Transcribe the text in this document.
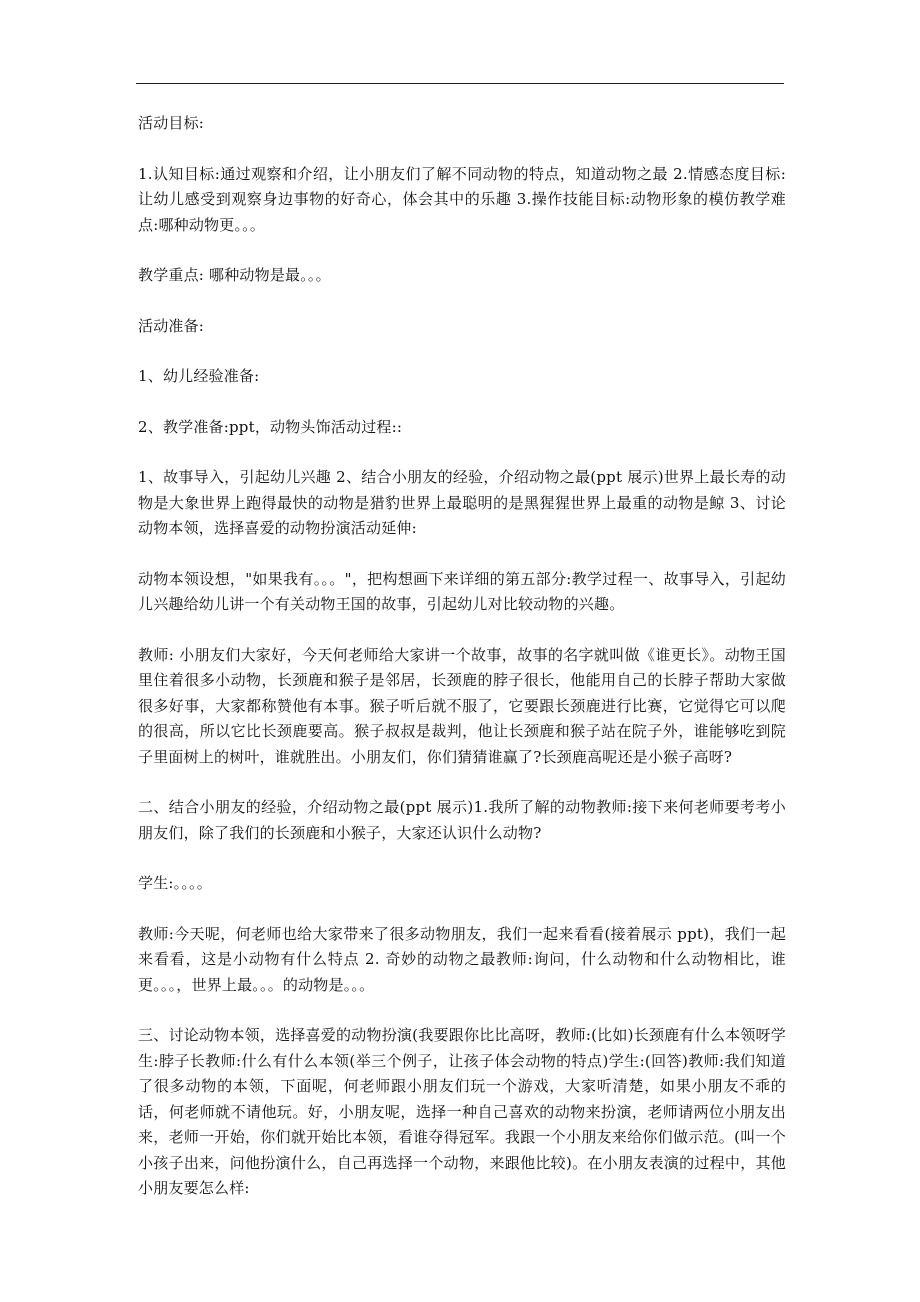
活动目标:

1.认知目标:通过观察和介绍，让小朋友们了解不同动物的特点，知道动物之最 2.情感态度目标:让幼儿感受到观察身边事物的好奇心，体会其中的乐趣 3.操作技能目标:动物形象的模仿教学难点:哪种动物更。。。

教学重点: 哪种动物是最。。。

活动准备:

1、幼儿经验准备:

2、教学准备:ppt，动物头饰活动过程::

1、故事导入，引起幼儿兴趣 2、结合小朋友的经验，介绍动物之最(ppt 展示)世界上最长寿的动物是大象世界上跑得最快的动物是猎豹世界上最聪明的是黑猩猩世界上最重的动物是鲸 3、讨论动物本领，选择喜爱的动物扮演活动延伸:

动物本领设想，"如果我有。。。"，把构想画下来详细的第五部分:教学过程一、故事导入，引起幼儿兴趣给幼儿讲一个有关动物王国的故事，引起幼儿对比较动物的兴趣。

教师: 小朋友们大家好，今天何老师给大家讲一个故事，故事的名字就叫做《谁更长》。动物王国里住着很多小动物，长颈鹿和猴子是邻居，长颈鹿的脖子很长，他能用自己的长脖子帮助大家做很多好事，大家都称赞他有本事。猴子听后就不服了，它要跟长颈鹿进行比赛，它觉得它可以爬的很高，所以它比长颈鹿要高。猴子叔叔是裁判，他让长颈鹿和猴子站在院子外，谁能够吃到院子里面树上的树叶，谁就胜出。小朋友们，你们猜猜谁赢了?长颈鹿高呢还是小猴子高呀?

二、结合小朋友的经验，介绍动物之最(ppt 展示)1.我所了解的动物教师:接下来何老师要考考小朋友们，除了我们的长颈鹿和小猴子，大家还认识什么动物?

学生:。。。。

教师:今天呢，何老师也给大家带来了很多动物朋友，我们一起来看看(接着展示 ppt)，我们一起来看看，这是小动物有什么特点 2. 奇妙的动物之最教师:询问，什么动物和什么动物相比，谁更。。。，世界上最。。。的动物是。。。

三、讨论动物本领，选择喜爱的动物扮演(我要跟你比比高呀，教师:(比如)长颈鹿有什么本领呀学生:脖子长教师:什么有什么本领(举三个例子，让孩子体会动物的特点)学生:(回答)教师:我们知道了很多动物的本领，下面呢，何老师跟小朋友们玩一个游戏，大家听清楚，如果小朋友不乖的话，何老师就不请他玩。好，小朋友呢，选择一种自己喜欢的动物来扮演，老师请两位小朋友出来，老师一开始，你们就开始比本领，看谁夺得冠军。我跟一个小朋友来给你们做示范。(叫一个小孩子出来，问他扮演什么，自己再选择一个动物，来跟他比较)。在小朋友表演的过程中，其他小朋友要怎么样:
